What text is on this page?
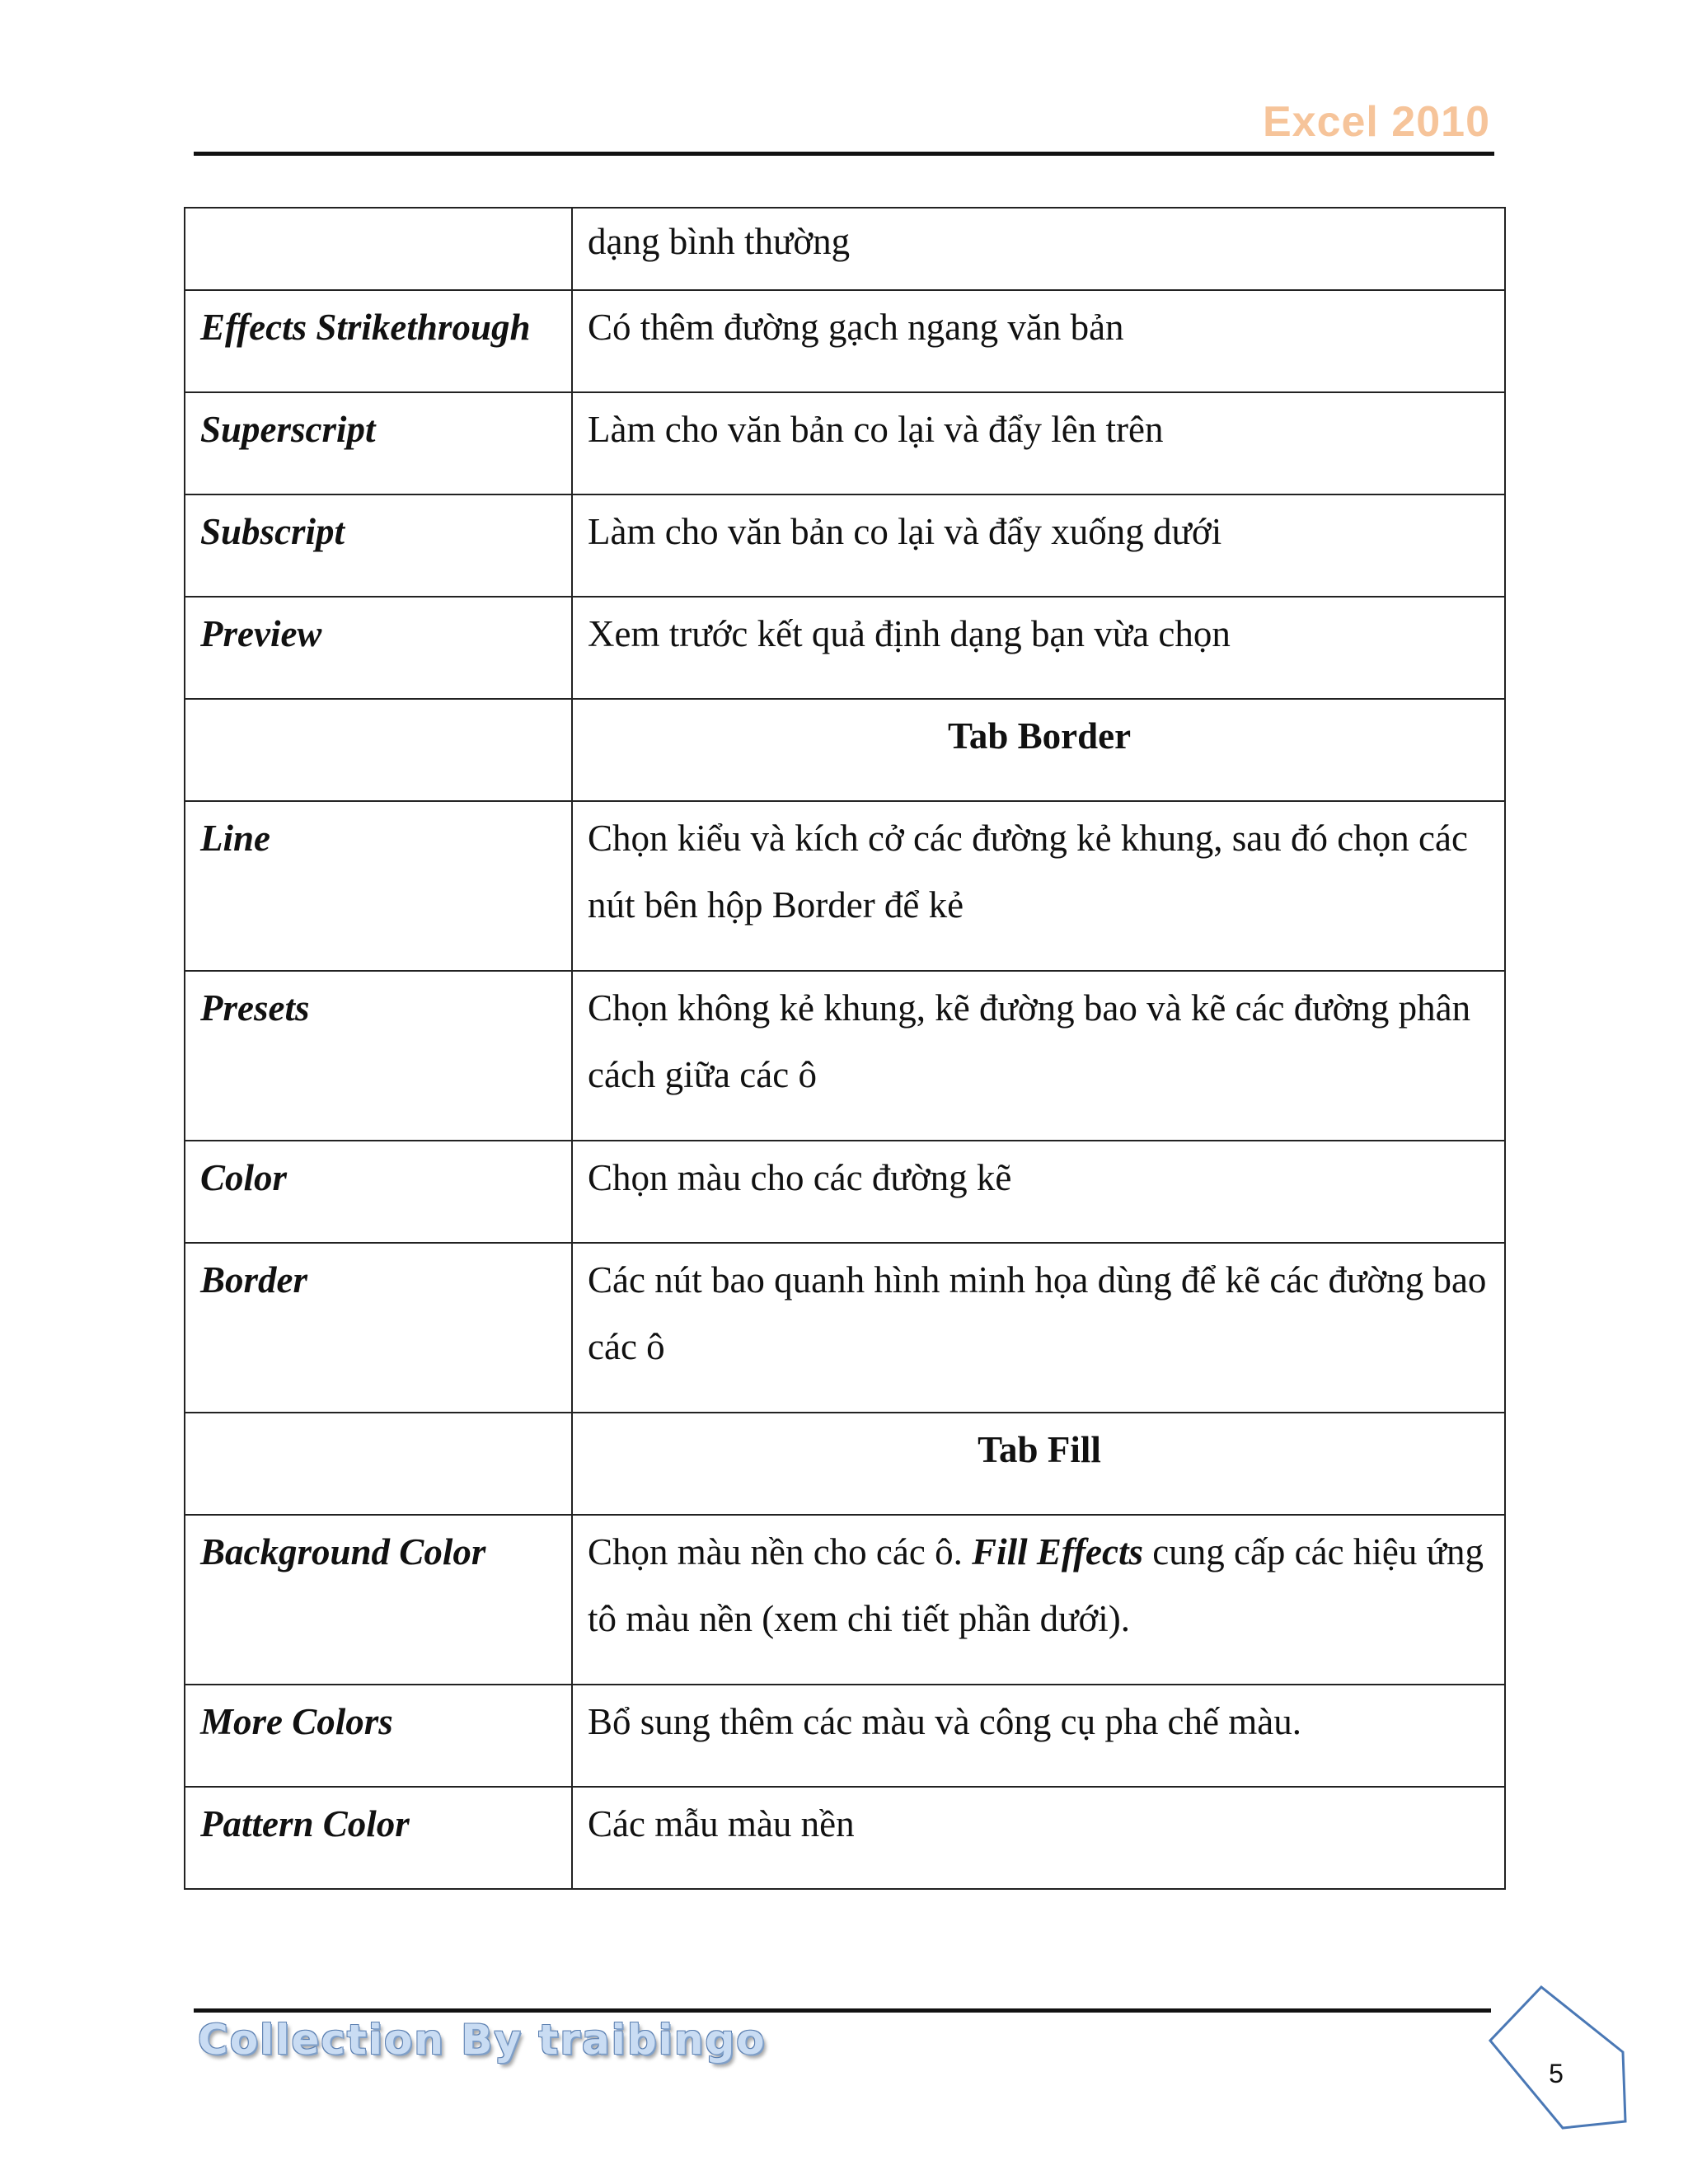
Excel 2010
	dạng bình thường
Effects Strikethrough	Có thêm đường gạch ngang văn bản
Superscript	Làm cho văn bản co lại và đẩy lên trên
Subscript	Làm cho văn bản co lại và đẩy xuống dưới
Preview	Xem trước kết quả định dạng bạn vừa chọn
	Tab Border
Line	Chọn kiểu và kích cở các đường kẻ khung, sau đó chọn các nút bên hộp Border để kẻ
Presets	Chọn không kẻ khung, kẽ đường bao và kẽ các đường phân cách giữa các ô
Color	Chọn màu cho các đường kẽ
Border	Các nút bao quanh hình minh họa dùng để kẽ các đường bao các ô
	Tab Fill
Background Color	Chọn màu nền cho các ô. Fill Effects cung cấp các hiệu ứng tô màu nền (xem chi tiết phần dưới).
More Colors	Bổ sung thêm các màu và công cụ pha chế màu.
Pattern Color	Các mẫu màu nền
Collection By traibingo
5
